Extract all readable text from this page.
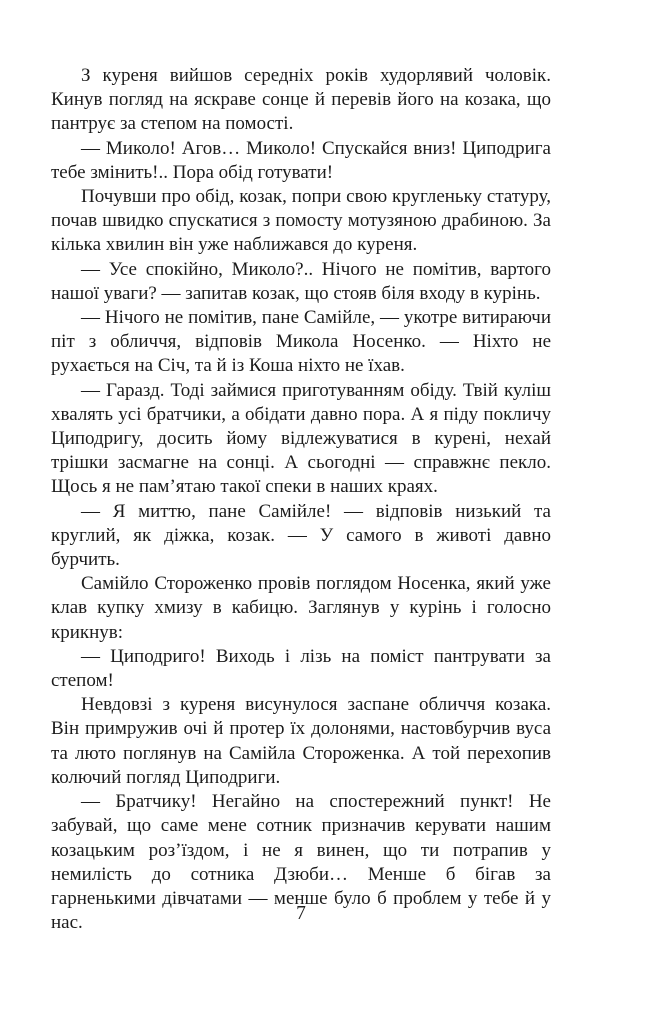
З куреня вийшов середніх років худорлявий чоловік. Кинув погляд на яскраве сонце й перевів його на козака, що пантрує за степом на помості.

— Миколо! Агов… Миколо! Спускайся вниз! Циподрига тебе змінить!.. Пора обід готувати!

Почувши про обід, козак, попри свою кругленьку статуру, почав швидко спускатися з помосту мотузяною драбиною. За кілька хвилин він уже наближався до куреня.

— Усе спокійно, Миколо?.. Нічого не помітив, вартого нашої уваги? — запитав козак, що стояв біля входу в курінь.

— Нічого не помітив, пане Самійле, — укотре витираючи піт з обличчя, відповів Микола Носенко. — Ніхто не рухається на Січ, та й із Коша ніхто не їхав.

— Гаразд. Тоді займися приготуванням обіду. Твій куліш хвалять усі братчики, а обідати давно пора. А я піду покличу Циподригу, досить йому відлежуватися в курені, нехай трішки засмагне на сонці. А сьогодні — справжнє пекло. Щось я не пам’ятаю такої спеки в наших краях.

— Я миттю, пане Самійле! — відповів низький та круглий, як діжка, козак. — У самого в животі давно бурчить.

Самійло Стороженко провів поглядом Носенка, який уже клав купку хмизу в кабицю. Заглянув у курінь і голосно крикнув:

— Циподриго! Виходь і лізь на поміст пантрувати за степом!

Невдовзі з куреня висунулося заспане обличчя козака. Він примружив очі й протер їх долонями, настовбурчив вуса та люто поглянув на Самійла Стороженка. А той перехопив колючий погляд Циподриги.

— Братчику! Негайно на спостережний пункт! Не забувай, що саме мене сотник призначив керувати нашим козацьким роз’їздом, і не я винен, що ти потрапив у немилість до сотника Дзюби… Менше б бігав за гарненькими дівчатами — менше було б проблем у тебе й у нас.	7
